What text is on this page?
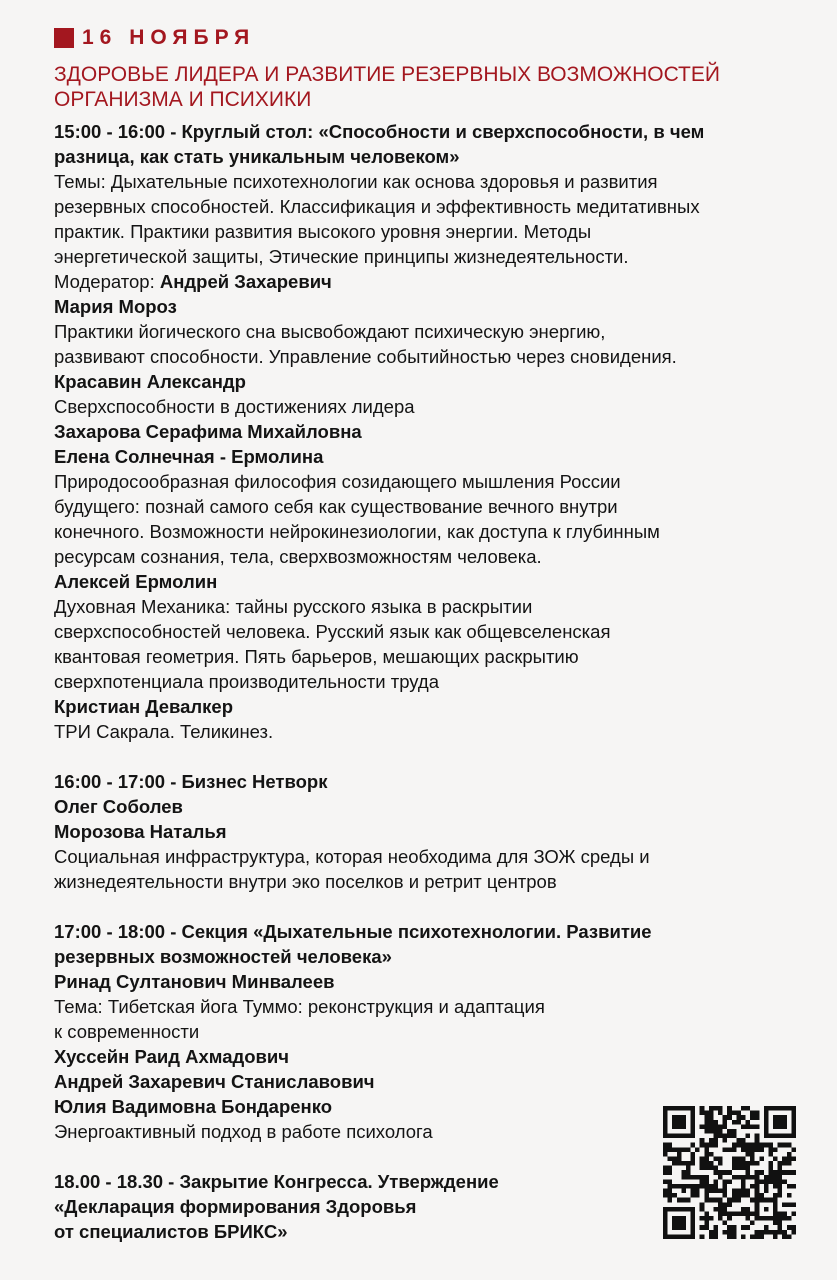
16 НОЯБРЯ
ЗДОРОВЬЕ ЛИДЕРА И РАЗВИТИЕ РЕЗЕРВНЫХ ВОЗМОЖНОСТЕЙ
ОРГАНИЗМА И ПСИХИКИ
15:00 - 16:00 - Круглый стол: «Способности и сверхспособности, в чем
разница, как стать уникальным человеком»
Темы: Дыхательные психотехнологии как основа здоровья и развития
резервных способностей. Классификация и эффективность медитативных
практик. Практики развития высокого уровня энергии. Методы
энергетической защиты, Этические принципы жизнедеятельности.
Модератор: Андрей Захаревич
Мария Мороз
Практики йогического сна высвобождают психическую энергию,
развивают способности. Управление событийностью через сновидения.
Красавин Александр
Сверхспособности в достижениях лидера
Захарова Серафима Михайловна
Елена Солнечная - Ермолина
Природосообразная философия созидающего мышления России
будущего: познай самого себя как существование вечного внутри
конечного. Возможности нейрокинезиологии, как доступа к глубинным
ресурсам сознания, тела, сверхвозможностям человека.
Алексей Ермолин
Духовная Механика: тайны русского языка в раскрытии
сверхспособностей человека. Русский язык как общевселенская
квантовая геометрия. Пять барьеров, мешающих раскрытию
сверхпотенциала производительности труда
Кристиан Девалкер
ТРИ Сакрала. Теликинез.
16:00 - 17:00 - Бизнес Нетворк
Олег Соболев
Морозова Наталья
Социальная инфраструктура, которая необходима для ЗОЖ среды и
жизнедеятельности внутри эко поселков и ретрит центров
17:00 - 18:00 - Секция «Дыхательные психотехнологии. Развитие
резервных возможностей человека»
Ринад Султанович Минвалеев
Тема: Тибетская йога Туммо: реконструкция и адаптация
к современности
Хуссейн Раид Ахмадович
Андрей Захаревич Станиславович
Юлия Вадимовна Бондаренко
Энергоактивный подход в работе психолога
18.00 - 18.30 - Закрытие Конгресса. Утверждение
«Декларация формирования Здоровья
от специалистов БРИКС»
